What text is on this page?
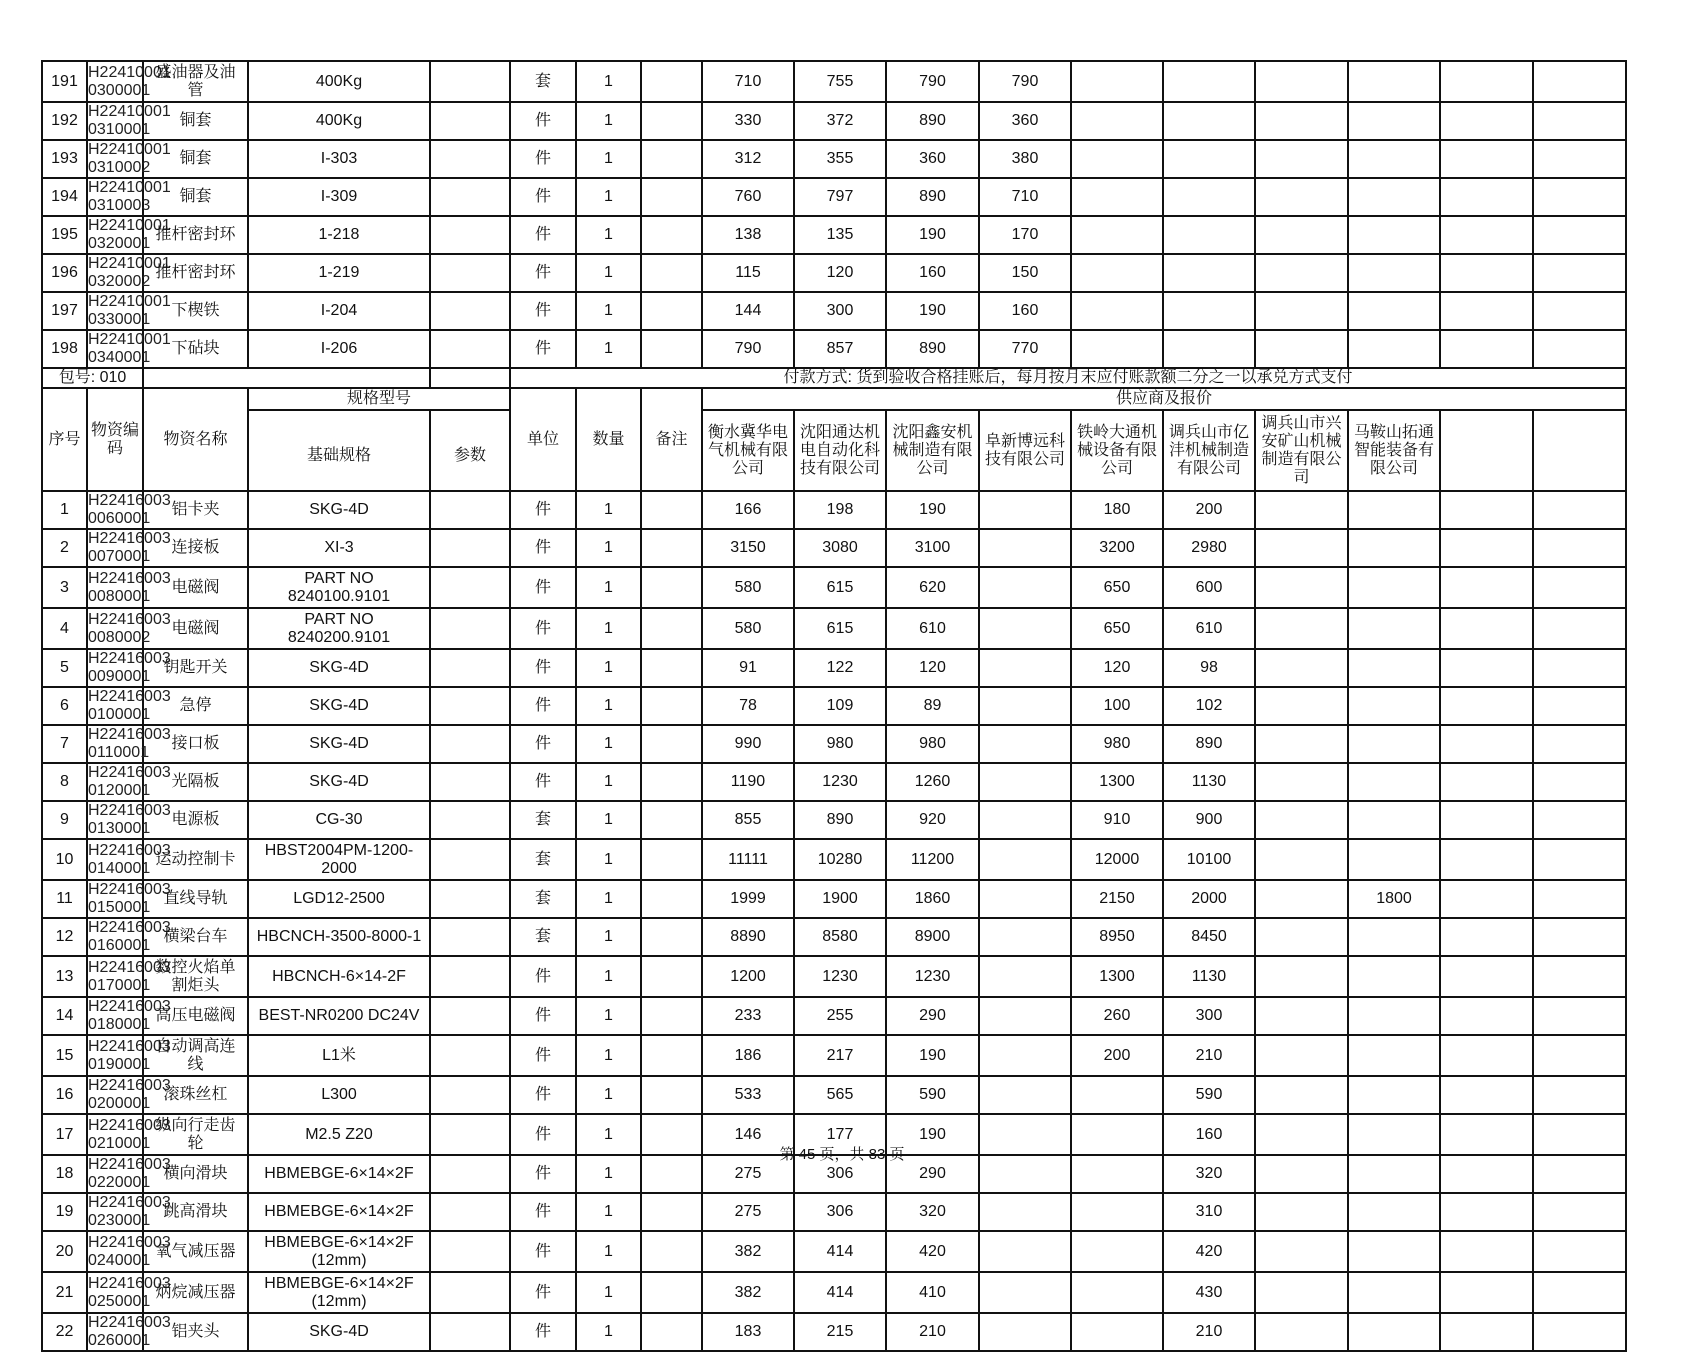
191	H22410001
0300001	盛油器及油
管	400Kg		套	1		710	755	790	790						
192	H22410001
0310001	铜套	400Kg		件	1		330	372	890	360						
193	H22410001
0310002	铜套	I-303		件	1		312	355	360	380						
194	H22410001
0310003	铜套	I-309		件	1		760	797	890	710						
195	H22410001
0320001	推杆密封环	1-218		件	1		138	135	190	170						
196	H22410001
0320002	推杆密封环	1-219		件	1		115	120	160	150						
197	H22410001
0330001	下楔铁	I-204		件	1		144	300	190	160						
198	H22410001
0340001	下砧块	I-206		件	1		790	857	890	770						
包号: 010					付款方式: 货到验收合格挂账后，每月按月末应付账款额二分之一以承兑方式支付												
序号	物资编码	物资名称	规格型号		单位	数量	备注	供应商及报价									
			基础规格	参数				衡水冀华电
气机械有限
公司	沈阳通达机
电自动化科
技有限公司	沈阳鑫安机
械制造有限
公司	阜新博远科
技有限公司	铁岭大通机
械设备有限
公司	调兵山市亿
沣机械制造
有限公司	调兵山市兴
安矿山机械
制造有限公
司	马鞍山拓通
智能装备有
限公司		

1	H22416003
0060001	铝卡夹	SKG-4D		件	1		166	198	190		180	200				
2	H22416003
0070001	连接板	XI-3		件	1		3150	3080	3100		3200	2980				
3	H22416003
0080001	电磁阀	PART NO
8240100.9101		件	1		580	615	620		650	600				
4	H22416003
0080002	电磁阀	PART NO
8240200.9101		件	1		580	615	610		650	610				
5	H22416003
0090001	钥匙开关	SKG-4D		件	1		91	122	120		120	98				
6	H22416003
0100001	急停	SKG-4D		件	1		78	109	89		100	102				
7	H22416003
0110001	接口板	SKG-4D		件	1		990	980	980		980	890				
8	H22416003
0120001	光隔板	SKG-4D		件	1		1190	1230	1260		1300	1130				
9	H22416003
0130001	电源板	CG-30		套	1		855	890	920		910	900				
10	H22416003
0140001	运动控制卡	HBST2004PM-1200-
2000		套	1		11111	10280	11200		12000	10100				
11	H22416003
0150001	直线导轨	LGD12-2500		套	1		1999	1900	1860		2150	2000		1800		
12	H22416003
0160001	横梁台车	HBCNCH-3500-8000-1		套	1		8890	8580	8900		8950	8450				
13	H22416003
0170001	数控火焰单
割炬头	HBCNCH-6×14-2F		件	1		1200	1230	1230		1300	1130				
14	H22416003
0180001	高压电磁阀	BEST-NR0200 DC24V		件	1		233	255	290		260	300				
15	H22416003
0190001	自动调高连
线	L1米		件	1		186	217	190		200	210				
16	H22416003
0200001	滚珠丝杠	L300		件	1		533	565	590			590				
17	H22416003
0210001	纵向行走齿
轮	M2.5 Z20		件	1		146	177	190			160				
18	H22416003
0220001	横向滑块	HBMEBGE-6×14×2F		件	1		275	306	290			320				
19	H22416003
0230001	跳高滑块	HBMEBGE-6×14×2F		件	1		275	306	320			310				
20	H22416003
0240001	氧气减压器	HBMEBGE-6×14×2F
(12mm)		件	1		382	414	420			420				
21	H22416003
0250001	炳烷减压器	HBMEBGE-6×14×2F
(12mm)		件	1		382	414	410			430				
22	H22416003
0260001	铝夹头	SKG-4D		件	1		183	215	210			210				
第 45 页，共 83 页
